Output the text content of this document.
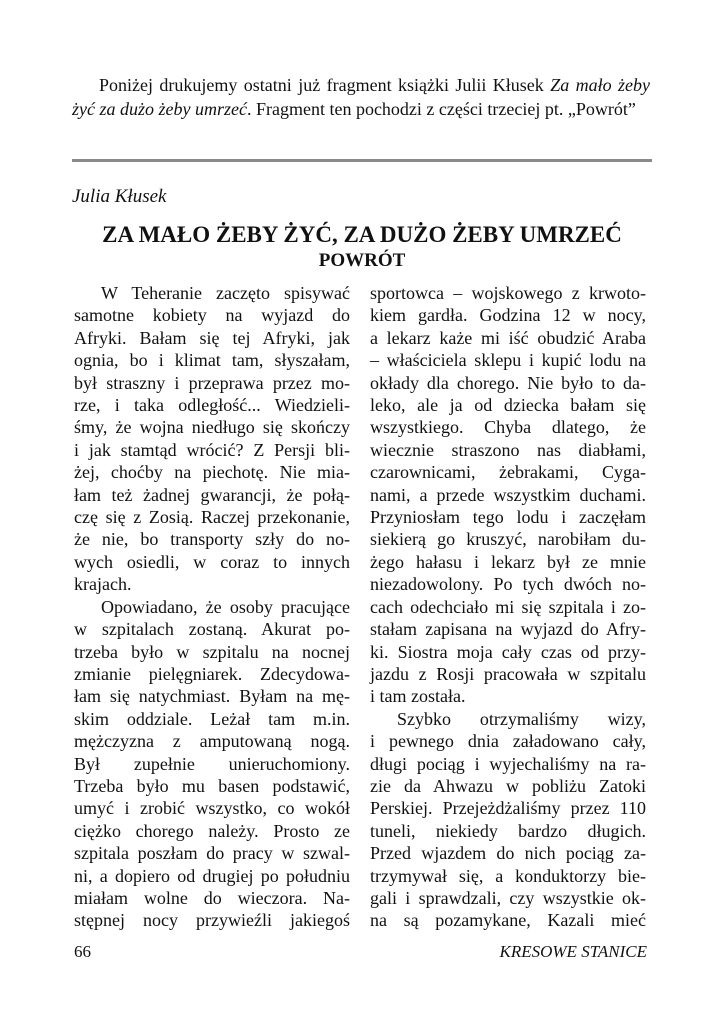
Poniżej drukujemy ostatni już fragment książki Julii Kłusek Za mało żeby żyć za dużo żeby umrzeć. Fragment ten pochodzi z części trzeciej pt. „Powrót”
Julia Kłusek
ZA MAŁO ŻEBY ŻYĆ, ZA DUŻO ŻEBY UMRZEĆ
POWRÓT

W Teheranie zaczęto spisywać

samotne kobiety na wyjazd do

Afryki. Bałam się tej Afryki, jak

ognia, bo i klimat tam, słyszałam,

był straszny i przeprawa przez mo-

rze, i taka odległość... Wiedzieli-

śmy, że wojna niedługo się skończy

i jak stamtąd wrócić? Z Persji bli-

żej, choćby na piechotę. Nie mia-

łam też żadnej gwarancji, że połą-

czę się z Zosią. Raczej przekonanie,

że nie, bo transporty szły do no-

wych osiedli, w coraz to innych

krajach.

Opowiadano, że osoby pracujące

w szpitalach zostaną. Akurat po-

trzeba było w szpitalu na nocnej

zmianie pielęgniarek. Zdecydowa-

łam się natychmiast. Byłam na mę-

skim oddziale. Leżał tam m.in.

mężczyzna z amputowaną nogą.

Był zupełnie unieruchomiony.

Trzeba było mu basen podstawić,

umyć i zrobić wszystko, co wokół

ciężko chorego należy. Prosto ze

szpitala poszłam do pracy w szwal-

ni, a dopiero od drugiej po południu

miałam wolne do wieczora. Na-

stępnej nocy przywieźli jakiegoś

sportowca – wojskowego z krwoto-

kiem gardła. Godzina 12 w nocy,

a lekarz każe mi iść obudzić Araba

– właściciela sklepu i kupić lodu na

okłady dla chorego. Nie było to da-

leko, ale ja od dziecka bałam się

wszystkiego. Chyba dlatego, że

wiecznie straszono nas diabłami,

czarownicami, żebrakami, Cyga-

nami, a przede wszystkim duchami.

Przyniosłam tego lodu i zaczęłam

siekierą go kruszyć, narobiłam du-

żego hałasu i lekarz był ze mnie

niezadowolony. Po tych dwóch no-

cach odechciało mi się szpitala i zo-

stałam zapisana na wyjazd do Afry-

ki. Siostra moja cały czas od przy-

jazdu z Rosji pracowała w szpitalu

i tam została.

Szybko otrzymaliśmy wizy,

i pewnego dnia załadowano cały,

długi pociąg i wyjechaliśmy na ra-

zie da Ahwazu w pobliżu Zatoki

Perskiej. Przejeżdżaliśmy przez 110

tuneli, niekiedy bardzo długich.

Przed wjazdem do nich pociąg za-

trzymywał się, a konduktorzy bie-

gali i sprawdzali, czy wszystkie ok-

na są pozamykane, Kazali mieć

66	KRESOWE STANICE
